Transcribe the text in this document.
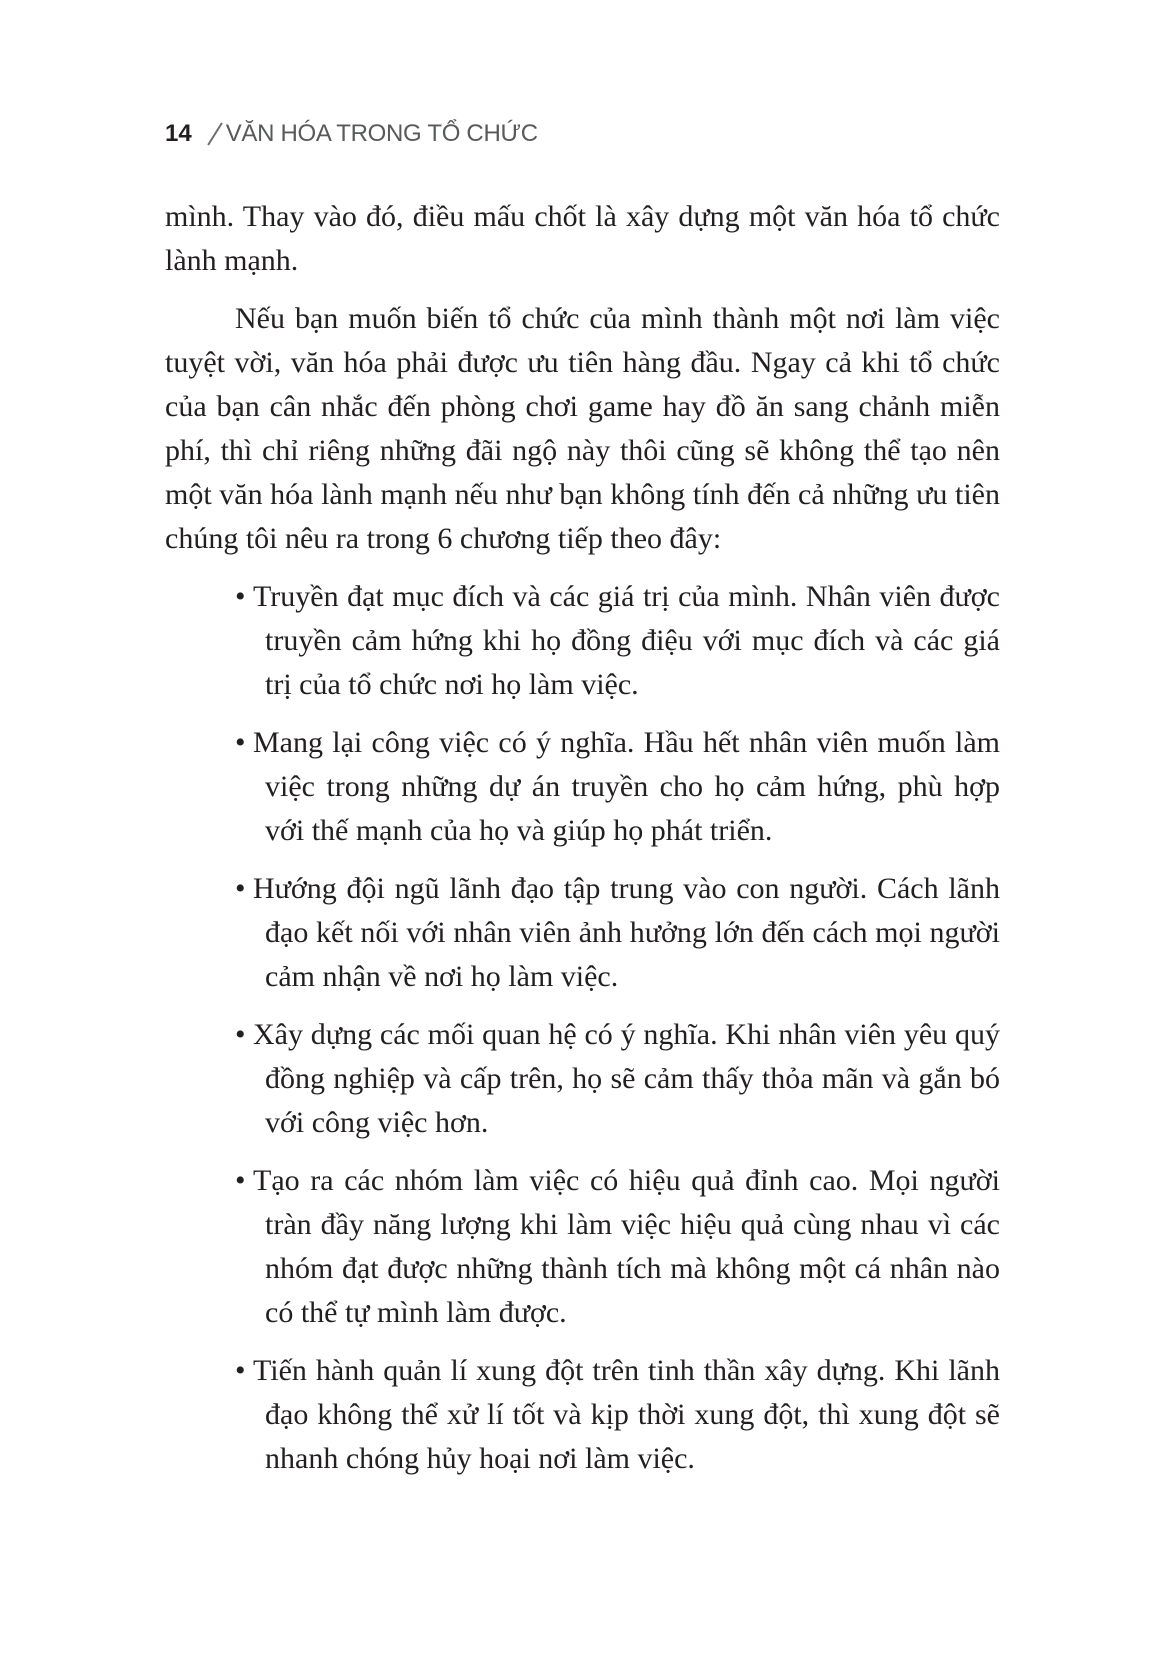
14 VĂN HÓA TRONG TỔ CHỨC

mình. Thay vào đó, điều mấu chốt là xây dựng một văn hóa tổ chức lành mạnh.

Nếu bạn muốn biến tổ chức của mình thành một nơi làm việc tuyệt vời, văn hóa phải được ưu tiên hàng đầu. Ngay cả khi tổ chức của bạn cân nhắc đến phòng chơi game hay đồ ăn sang chảnh miễn phí, thì chỉ riêng những đãi ngộ này thôi cũng sẽ không thể tạo nên một văn hóa lành mạnh nếu như bạn không tính đến cả những ưu tiên chúng tôi nêu ra trong 6 chương tiếp theo đây:

• Truyền đạt mục đích và các giá trị của mình. Nhân viên được truyền cảm hứng khi họ đồng điệu với mục đích và các giá trị của tổ chức nơi họ làm việc.
• Mang lại công việc có ý nghĩa. Hầu hết nhân viên muốn làm việc trong những dự án truyền cho họ cảm hứng, phù hợp với thế mạnh của họ và giúp họ phát triển.
• Hướng đội ngũ lãnh đạo tập trung vào con người. Cách lãnh đạo kết nối với nhân viên ảnh hưởng lớn đến cách mọi người cảm nhận về nơi họ làm việc.
• Xây dựng các mối quan hệ có ý nghĩa. Khi nhân viên yêu quý đồng nghiệp và cấp trên, họ sẽ cảm thấy thỏa mãn và gắn bó với công việc hơn.
• Tạo ra các nhóm làm việc có hiệu quả đỉnh cao. Mọi người tràn đầy năng lượng khi làm việc hiệu quả cùng nhau vì các nhóm đạt được những thành tích mà không một cá nhân nào có thể tự mình làm được.
• Tiến hành quản lí xung đột trên tinh thần xây dựng. Khi lãnh đạo không thể xử lí tốt và kịp thời xung đột, thì xung đột sẽ nhanh chóng hủy hoại nơi làm việc.
